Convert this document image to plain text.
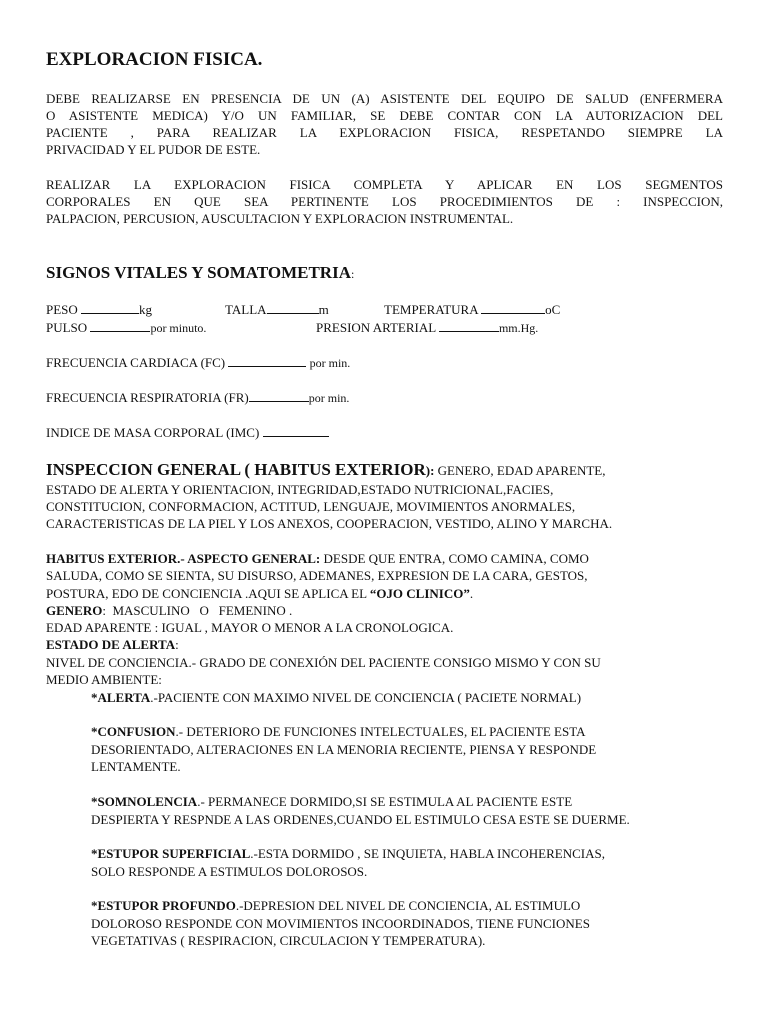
EXPLORACION FISICA.
DEBE REALIZARSE EN PRESENCIA DE UN (A) ASISTENTE DEL EQUIPO DE SALUD (ENFERMERA
O ASISTENTE MEDICA) Y/O UN FAMILIAR, SE DEBE CONTAR CON LA AUTORIZACION DEL
PACIENTE , PARA REALIZAR LA EXPLORACION FISICA, RESPETANDO SIEMPRE LA
PRIVACIDAD Y EL PUDOR DE ESTE.
REALIZAR LA EXPLORACION FISICA COMPLETA Y APLICAR EN LOS SEGMENTOS
CORPORALES EN QUE SEA PERTINENTE LOS PROCEDIMIENTOS DE : INSPECCION,
PALPACION, PERCUSION, AUSCULTACION Y EXPLORACION INSTRUMENTAL.
SIGNOS VITALES Y SOMATOMETRIA:
PESO	kg	TALLA	m	TEMPERATURA	oC
PULSO	por minuto.	PRESION ARTERIAL	mm.Hg.
FRECUENCIA CARDIACA (FC)	por min.
FRECUENCIA RESPIRATORIA (FR)	por min.
INDICE DE MASA CORPORAL (IMC)
INSPECCION GENERAL ( HABITUS EXTERIOR): GENERO, EDAD APARENTE,
ESTADO DE ALERTA Y ORIENTACION, INTEGRIDAD,ESTADO NUTRICIONAL,FACIES,
CONSTITUCION, CONFORMACION, ACTITUD, LENGUAJE, MOVIMIENTOS ANORMALES,
CARACTERISTICAS DE LA PIEL Y LOS ANEXOS, COOPERACION, VESTIDO, ALINO Y MARCHA.
HABITUS EXTERIOR.- ASPECTO GENERAL: DESDE QUE ENTRA, COMO CAMINA, COMO
SALUDA, COMO SE SIENTA, SU DISURSO, ADEMANES, EXPRESION DE LA CARA, GESTOS,
POSTURA, EDO DE CONCIENCIA .AQUI SE APLICA EL “OJO CLINICO”.
GENERO:  MASCULINO   O   FEMENINO .
EDAD APARENTE : IGUAL , MAYOR O MENOR A LA CRONOLOGICA.
ESTADO DE ALERTA:
NIVEL DE CONCIENCIA.- GRADO DE CONEXIÓN DEL PACIENTE CONSIGO MISMO Y CON SU
MEDIO AMBIENTE:
*ALERTA.-PACIENTE CON MAXIMO NIVEL DE CONCIENCIA ( PACIETE NORMAL)
*CONFUSION.- DETERIORO DE FUNCIONES INTELECTUALES, EL PACIENTE ESTA
DESORIENTADO, ALTERACIONES EN LA MENORIA RECIENTE, PIENSA Y RESPONDE
LENTAMENTE.
*SOMNOLENCIA.- PERMANECE DORMIDO,SI SE ESTIMULA AL PACIENTE ESTE
DESPIERTA Y RESPNDE A LAS ORDENES,CUANDO EL ESTIMULO CESA ESTE SE DUERME.
*ESTUPOR SUPERFICIAL.-ESTA DORMIDO , SE INQUIETA, HABLA INCOHERENCIAS,
SOLO RESPONDE A ESTIMULOS DOLOROSOS.
*ESTUPOR PROFUNDO.-DEPRESION DEL NIVEL DE CONCIENCIA, AL ESTIMULO
DOLOROSO RESPONDE CON MOVIMIENTOS INCOORDINADOS, TIENE FUNCIONES
VEGETATIVAS ( RESPIRACION, CIRCULACION Y TEMPERATURA).
